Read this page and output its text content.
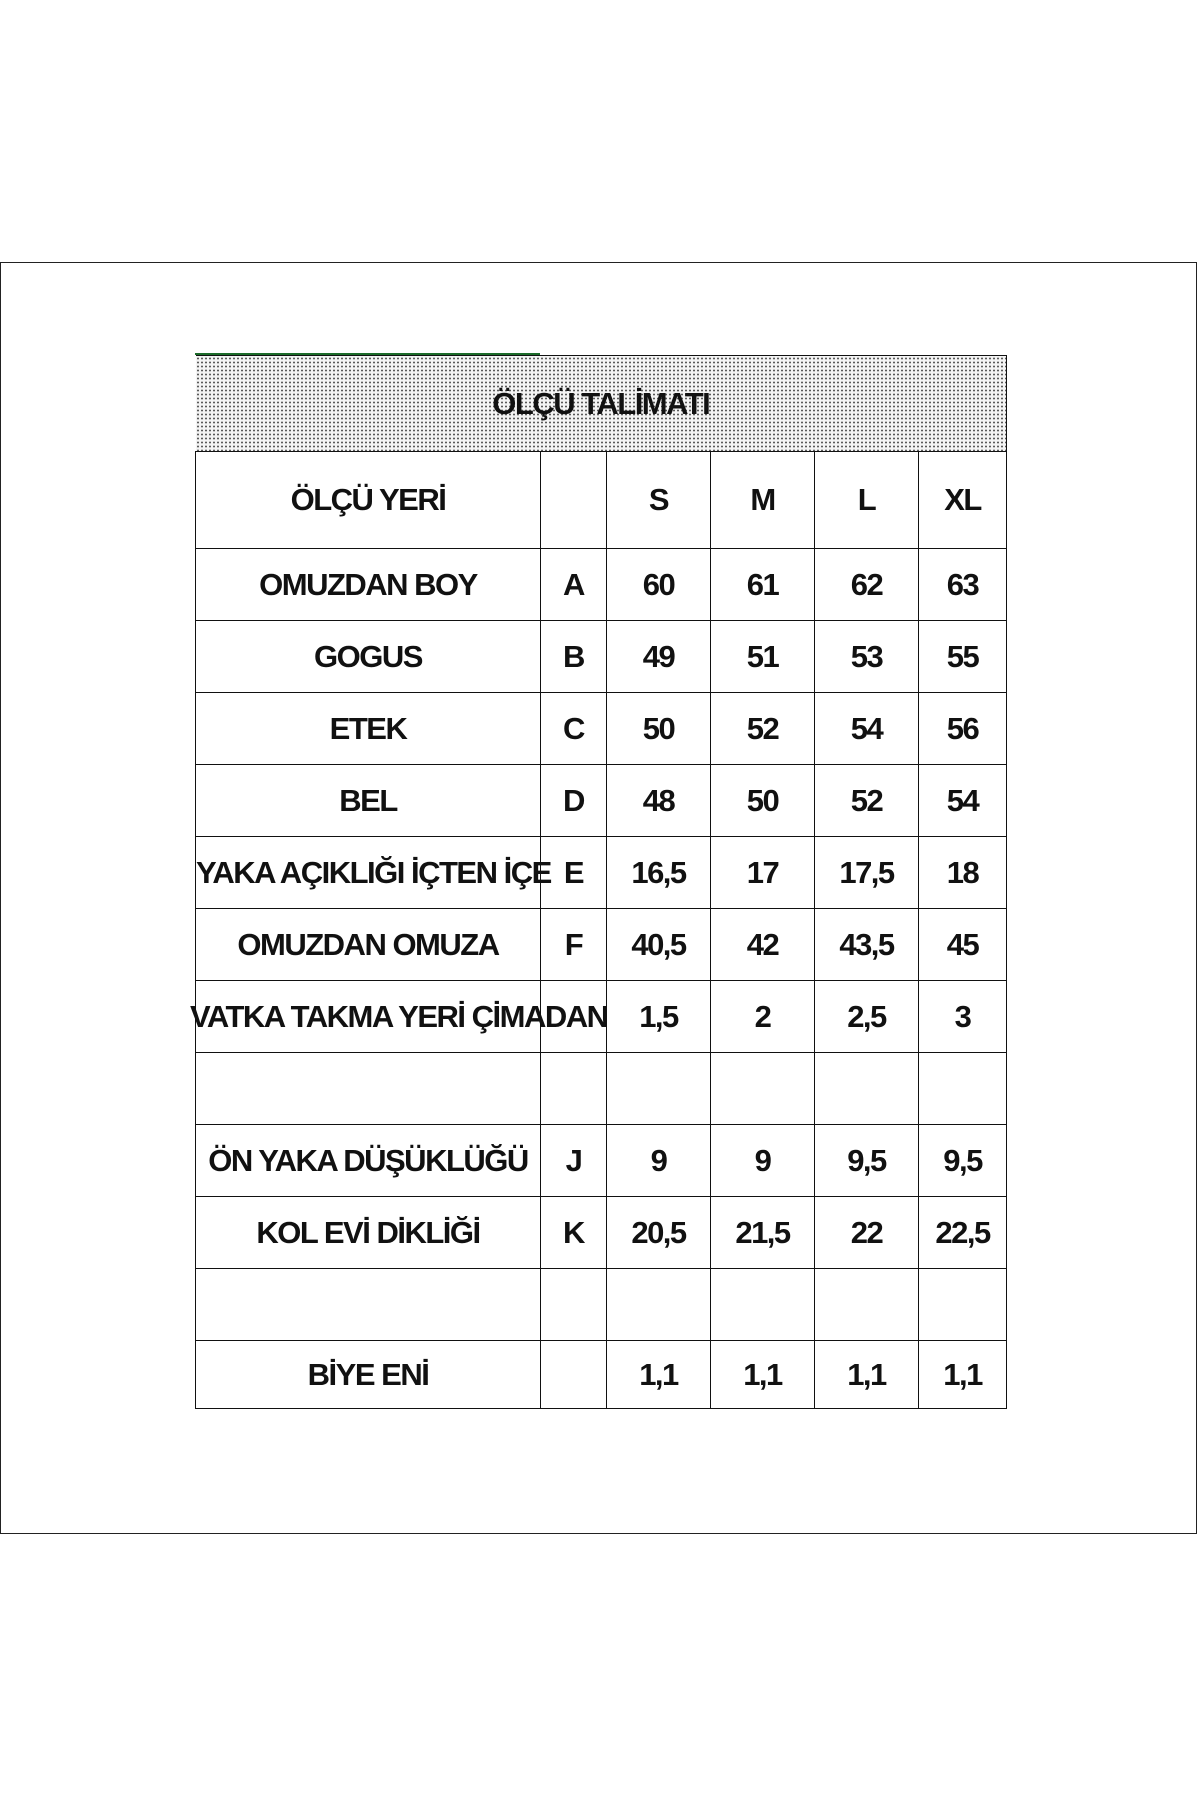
ÖLÇÜ TALİMATI					
ÖLÇÜ YERİ		S	M	L	XL
OMUZDAN BOY	A	60	61	62	63
GOGUS	B	49	51	53	55
ETEK	C	50	52	54	56
BEL	D	48	50	52	54
YAKA AÇIKLIĞI İÇTEN İÇE	E	16,5	17	17,5	18
OMUZDAN OMUZA	F	40,5	42	43,5	45
VATKA TAKMA YERİ ÇİMADAN		1,5	2	2,5	3

ÖN YAKA DÜŞÜKLÜĞÜ	J	9	9	9,5	9,5
KOL EVİ DİKLİĞİ	K	20,5	21,5	22	22,5

BİYE ENİ		1,1	1,1	1,1	1,1
